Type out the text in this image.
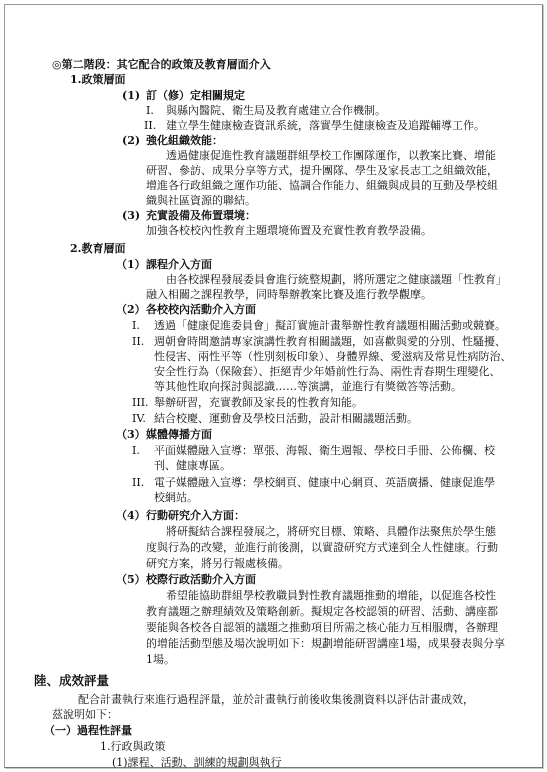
◎第二階段：其它配合的政策及教育層面介入
1.政策層面
(1) 訂（修）定相關規定
I. 與縣內醫院、衛生局及教育處建立合作機制。
II. 建立學生健康檢查資訊系統，落實學生健康檢查及追蹤輔導工作。
(2) 強化組織效能：
透過健康促進性教育議題群組學校工作團隊運作，以教案比賽、增能
研習、參訪、成果分享等方式，提升團隊、學生及家長志工之組織效能，
增進各行政組織之運作功能、協調合作能力、組織與成員的互動及學校組
織與社區資源的聯結。
(3) 充實設備及佈置環境：
加強各校校內性教育主題環境佈置及充實性教育教學設備。
2.教育層面
（1） 課程介入方面
由各校課程發展委員會進行統整規劃，將所選定之健康議題「性教育」
融入相關之課程教學，同時舉辦教案比賽及進行教學觀摩。
（2） 各校校內活動介入方面
I. 透過「健康促進委員會」擬訂實施計畫舉辦性教育議題相關活動或競賽。
II. 週朝會時間邀請專家演講性教育相關議題，如喜歡與愛的分別、性騷擾、
性侵害、兩性平等（性別刻板印象）、身體界線、愛滋病及常見性病防治、
安全性行為（保險套）、拒絕青少年婚前性行為、兩性青春期生理變化、
等其他性取向探討與認識……等演講，並進行有獎徵答等活動。
III. 舉辦研習，充實教師及家長的性教育知能。
IV. 結合校慶、運動會及學校日活動，設計相關議題活動。
（3） 媒體傳播方面
I. 平面媒體融入宣導：單張、海報、衛生週報、學校日手冊、公佈欄、校
刊、健康專區。
II. 電子媒體融入宣導：學校網頁、健康中心網頁、英語廣播、健康促進學
校網站。
（4） 行動研究介入方面：
將研擬結合課程發展之，將研究目標、策略、具體作法聚焦於學生態
度與行為的改變，並進行前後測，以實證研究方式達到全人性健康。行動
研究方案，將另行報處核備。
（5） 校際行政活動介入方面
希望能協助群組學校教職員對性教育議題推動的增能，以促進各校性
教育議題之辦理績效及策略創新。擬規定各校認領的研習、活動、講座都
要能與各校各自認領的議題之推動項目所需之核心能力互相服膺，各辦理
的增能活動型態及場次說明如下：規劃增能研習講座1場，成果發表與分享
1場。
陸、成效評量
配合計畫執行來進行過程評量，並於計畫執行前後收集後測資料以評估計畫成效，
茲說明如下：
（一）過程性評量
1.行政與政策
(1)課程、活動、訓練的規劃與執行
